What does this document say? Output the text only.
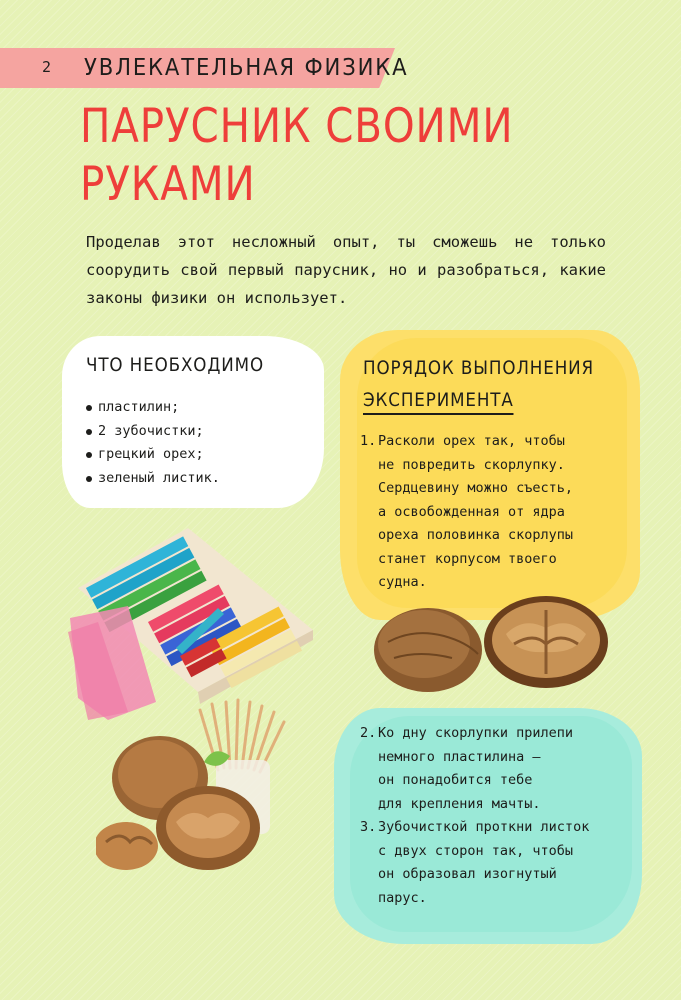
2 УВЛЕКАТЕЛЬНАЯ ФИЗИКА
ПАРУСНИК СВОИМИ
РУКАМИ
Проделав этот несложный опыт, ты сможешь не только соорудить свой первый парусник, но и разобраться, какие законы физики он использует.
ЧТО НЕОБХОДИМО
пластилин;
2 зубочистки;
грецкий орех;
зеленый листик.
ПОРЯДОК ВЫПОЛНЕНИЯ
ЭКСПЕРИМЕНТА
1. Расколи орех так, чтобы
не повредить скорлупку.
Сердцевину можно съесть,
а освобожденная от ядра
ореха половинка скорлупы
станет корпусом твоего
судна.
2. Ко дну скорлупки прилепи
немного пластилина —
он понадобится тебе
для крепления мачты.
3. Зубочисткой проткни листок
с двух сторон так, чтобы
он образовал изогнутый
парус.
